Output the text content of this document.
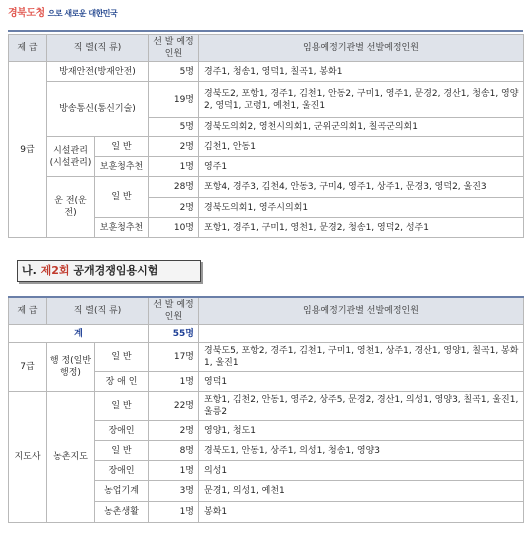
경북도청 으로 새로운 대한민국
제 급	직 렬(직 류)		선 발 예정인원	임용예정기관별 선발예정인원
9급	방재안전(방재안전)		5명	경주1, 청송1, 영덕1, 칠곡1, 봉화1
	방송통신(통신기술)		19명	경북도2, 포항1, 경주1, 김천1, 안동2, 구미1, 영주1, 문경2, 경산1, 청송1, 영양2, 영덕1, 고령1, 예천1, 울진1
			5명	경북도의회2, 영천시의회1, 군위군의회1, 칠곡군의회1
	시설관리(시설관리)	일 반	2명	김천1, 안동1
		보훈청추천	1명	영주1
	운 전(운 전)	일 반	28명	포항4, 경주3, 김천4, 안동3, 구미4, 영주1, 상주1, 문경3, 영덕2, 울진3
			2명	경북도의회1, 영주시의회1
		보훈청추천	10명	포항1, 경주1, 구미1, 영천1, 문경2, 청송1, 영덕2, 성주1
나. 제2회 공개경쟁임용시험
제 급	직 렬(직 류)		선 발 예정인원	임용예정기관별 선발예정인원
계			55명	
7급	행 정(일반행정)	일 반	17명	경북도5, 포항2, 경주1, 김천1, 구미1, 영천1, 상주1, 경산1, 영양1, 칠곡1, 봉화1, 울진1
		장 애 인	1명	영덕1
지도사	농촌지도	일 반	22명	포항1, 김천2, 안동1, 영주2, 상주5, 문경2, 경산1, 의성1, 영양3, 칠곡1, 울진1, 울릉2
		장애인	2명	영양1, 청도1
		일 반	8명	경북도1, 안동1, 상주1, 의성1, 청송1, 영양3
		장애인	1명	의성1
		농업기계	3명	문경1, 의성1, 예천1
		농촌생활	1명	봉화1
